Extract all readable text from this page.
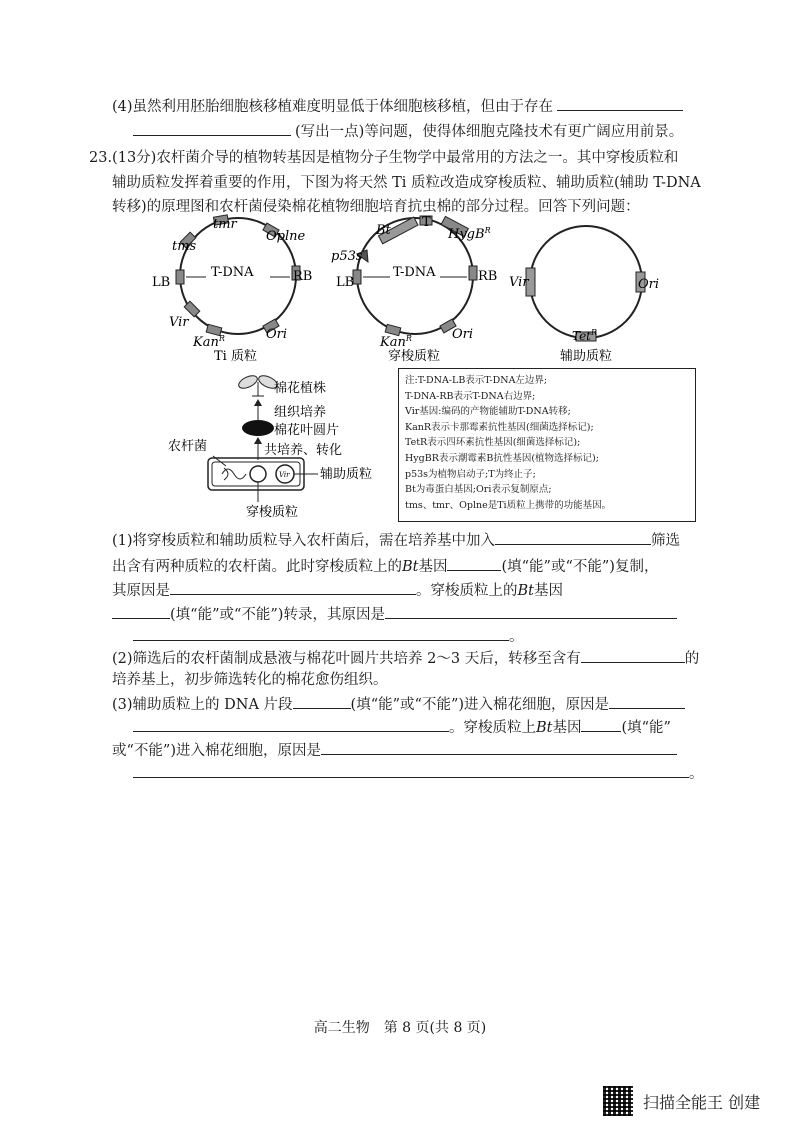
(4)虽然利用胚胎细胞核移植难度明显低于体细胞核移植，但由于存在
(写出一点)等问题，使得体细胞克隆技术有更广阔应用前景。
23.(13分)农杆菌介导的植物转基因是植物分子生物学中最常用的方法之一。其中穿梭质粒和
辅助质粒发挥着重要的作用，下图为将天然 Ti 质粒改造成穿梭质粒、辅助质粒(辅助 T-DNA
转移)的原理图和农杆菌侵染棉花植物细胞培育抗虫棉的部分过程。回答下列问题：
tmr
tms
Oplne
T-DNA
LB	RB
Vir
Kan$^R$	Ori
Ti 质粒
Bt
T
HygB$^R$
p53s
T-DNA
LB	RB
Kan$^R$	Ori
穿梭质粒
Vir	Ori
Tet$^R$
辅助质粒
棉花植株
组织培养
棉花叶圆片
共培养、转化
农杆菌
Vir 辅助质粒
穿梭质粒
注:T-DNA-LB表示T-DNA左边界;
T-DNA-RB表示T-DNA右边界;
Vir基因:编码的产物能辅助T-DNA转移;
KanR表示卡那霉素抗性基因(细菌选择标记);
TetR表示四环素抗性基因(细菌选择标记);
HygBR表示潮霉素B抗性基因(植物选择标记);
p53s为植物启动子;T为终止子;
Bt为毒蛋白基因;Ori表示复制原点;
tms、tmr、Oplne是Ti质粒上携带的功能基因。
(1)将穿梭质粒和辅助质粒导入农杆菌后，需在培养基中加入	筛选
出含有两种质粒的农杆菌。此时穿梭质粒上的Bt基因	(填“能”或“不能”)复制，
其原因是	。穿梭质粒上的Bt基因
(填“能”或“不能”)转录，其原因是
。
(2)筛选后的农杆菌制成悬液与棉花叶圆片共培养 2～3 天后，转移至含有	的
培养基上，初步筛选转化的棉花愈伤组织。
(3)辅助质粒上的 DNA 片段	(填“能”或“不能”)进入棉花细胞，原因是
。穿梭质粒上Bt基因	(填“能”
或“不能”)进入棉花细胞，原因是
。
高二生物　第 8 页(共 8 页)
扫描全能王 创建
